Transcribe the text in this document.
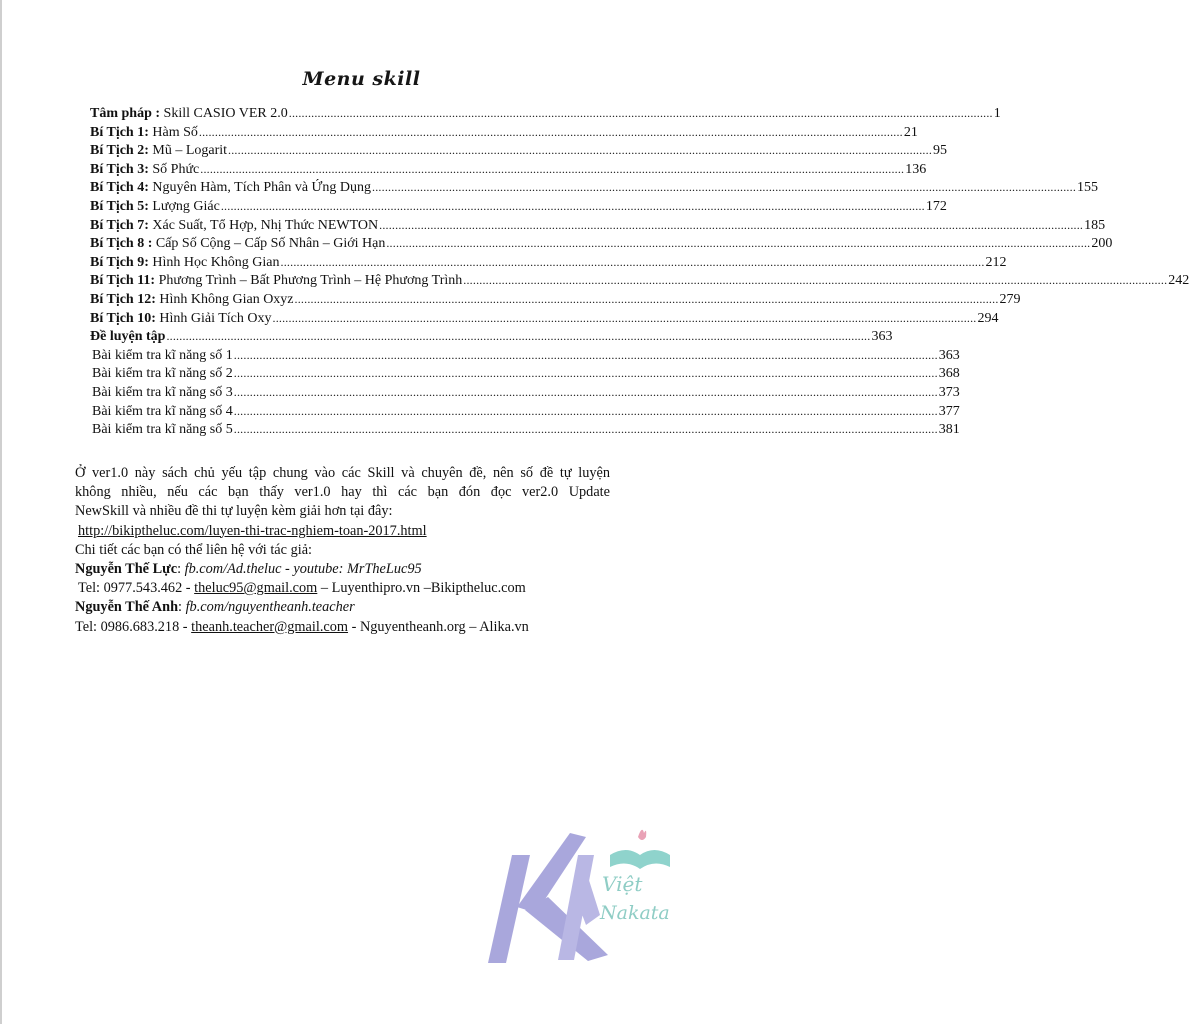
Menu skill
Tâm pháp : Skill CASIO VER 2.0 ............................................................................................................................................................................................................................ 1
Bí Tịch 1: Hàm Số ............................................................................................................................................................................................................................ 21
Bí Tịch 2: Mũ – Logarit ............................................................................................................................................................................................................................ 95
Bí Tịch 3: Số Phức ............................................................................................................................................................................................................................ 136
Bí Tịch 4: Nguyên Hàm, Tích Phân và Ứng Dụng ............................................................................................................................................................................................................................ 155
Bí Tịch 5: Lượng Giác ............................................................................................................................................................................................................................ 172
Bí Tịch 7: Xác Suất, Tổ Hợp, Nhị Thức NEWTON ............................................................................................................................................................................................................................ 185
Bí Tịch 8 : Cấp Số Cộng – Cấp Số Nhân – Giới Hạn ............................................................................................................................................................................................................................ 200
Bí Tịch 9: Hình Học Không Gian ............................................................................................................................................................................................................................ 212
Bí Tịch 11: Phương Trình – Bất Phương Trình – Hệ Phương Trình ............................................................................................................................................................................................................................ 242
Bí Tịch 12: Hình Không Gian Oxyz ............................................................................................................................................................................................................................ 279
Bí Tịch 10: Hình Giải Tích Oxy ............................................................................................................................................................................................................................ 294
Đề luyện tập ............................................................................................................................................................................................................................ 363
Bài kiểm tra kĩ năng số 1 ............................................................................................................................................................................................................................ 363
Bài kiểm tra kĩ năng số 2 ............................................................................................................................................................................................................................ 368
Bài kiểm tra kĩ năng số 3 ............................................................................................................................................................................................................................ 373
Bài kiểm tra kĩ năng số 4 ............................................................................................................................................................................................................................ 377
Bài kiểm tra kĩ năng số 5 ............................................................................................................................................................................................................................ 381

Ở ver1.0 này sách chủ yếu tập chung vào các Skill và chuyên đề, nên số đề tự luyện

không nhiều, nếu các bạn thấy ver1.0 hay thì các bạn đón đọc ver2.0 Update

NewSkill và nhiều đề thi tự luyện kèm giải hơn tại đây:

http://bikiptheluc.com/luyen-thi-trac-nghiem-toan-2017.html

Chi tiết các bạn có thể liên hệ với tác giả:

Nguyễn Thế Lực: fb.com/Ad.theluc - youtube: MrTheLuc95

Tel: 0977.543.462 - theluc95@gmail.com – Luyenthipro.vn –Bikiptheluc.com

Nguyễn Thế Anh: fb.com/nguyentheanh.teacher

Tel: 0986.683.218 - theanh.teacher@gmail.com - Nguyentheanh.org – Alika.vn

Việt
Nakata
